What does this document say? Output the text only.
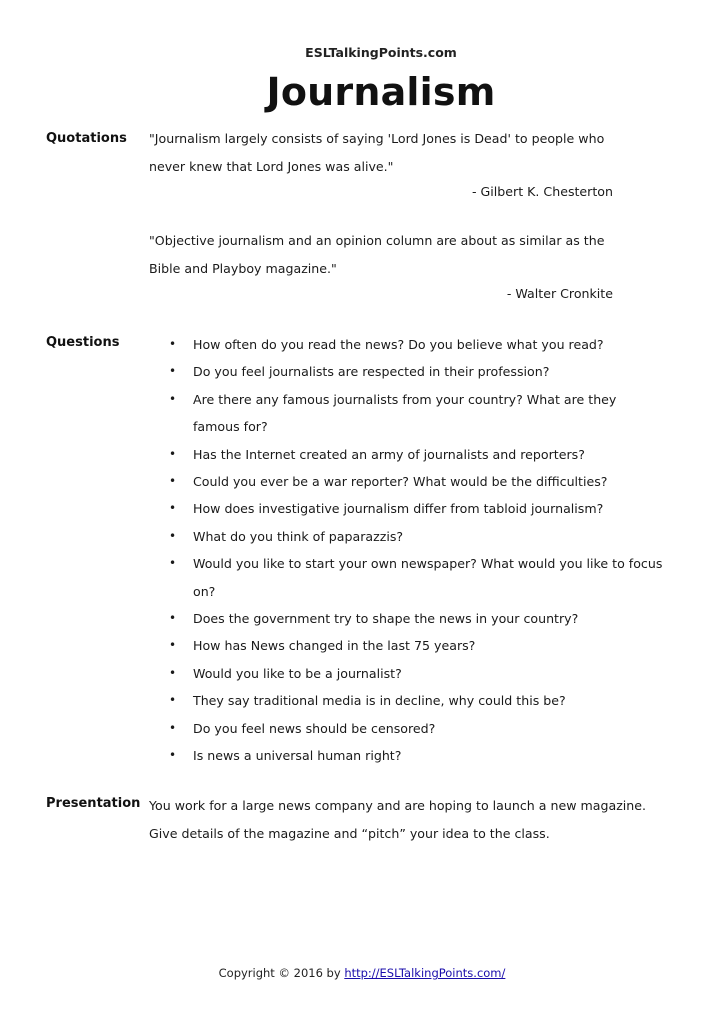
ESLTalkingPoints.com
Journalism
Quotations "Journalism largely consists of saying 'Lord Jones is Dead' to people who never knew that Lord Jones was alive."
- Gilbert K. Chesterton
"Objective journalism and an opinion column are about as similar as the Bible and Playboy magazine."
- Walter Cronkite
Questions	• How often do you read the news? Do you believe what you read?
• Do you feel journalists are respected in their profession?
• Are there any famous journalists from your country? What are they famous for?
• Has the Internet created an army of journalists and reporters?
• Could you ever be a war reporter? What would be the difficulties?
• How does investigative journalism differ from tabloid journalism?
• What do you think of paparazzis?
• Would you like to start your own newspaper? What would you like to focus on?
• Does the government try to shape the news in your country?
• How has News changed in the last 75 years?
• Would you like to be a journalist?
• They say traditional media is in decline, why could this be?
• Do you feel news should be censored?
• Is news a universal human right?
Presentation You work for a large news company and are hoping to launch a new magazine. Give details of the magazine and “pitch” your idea to the class.
Copyright © 2016 by http://ESLTalkingPoints.com/
